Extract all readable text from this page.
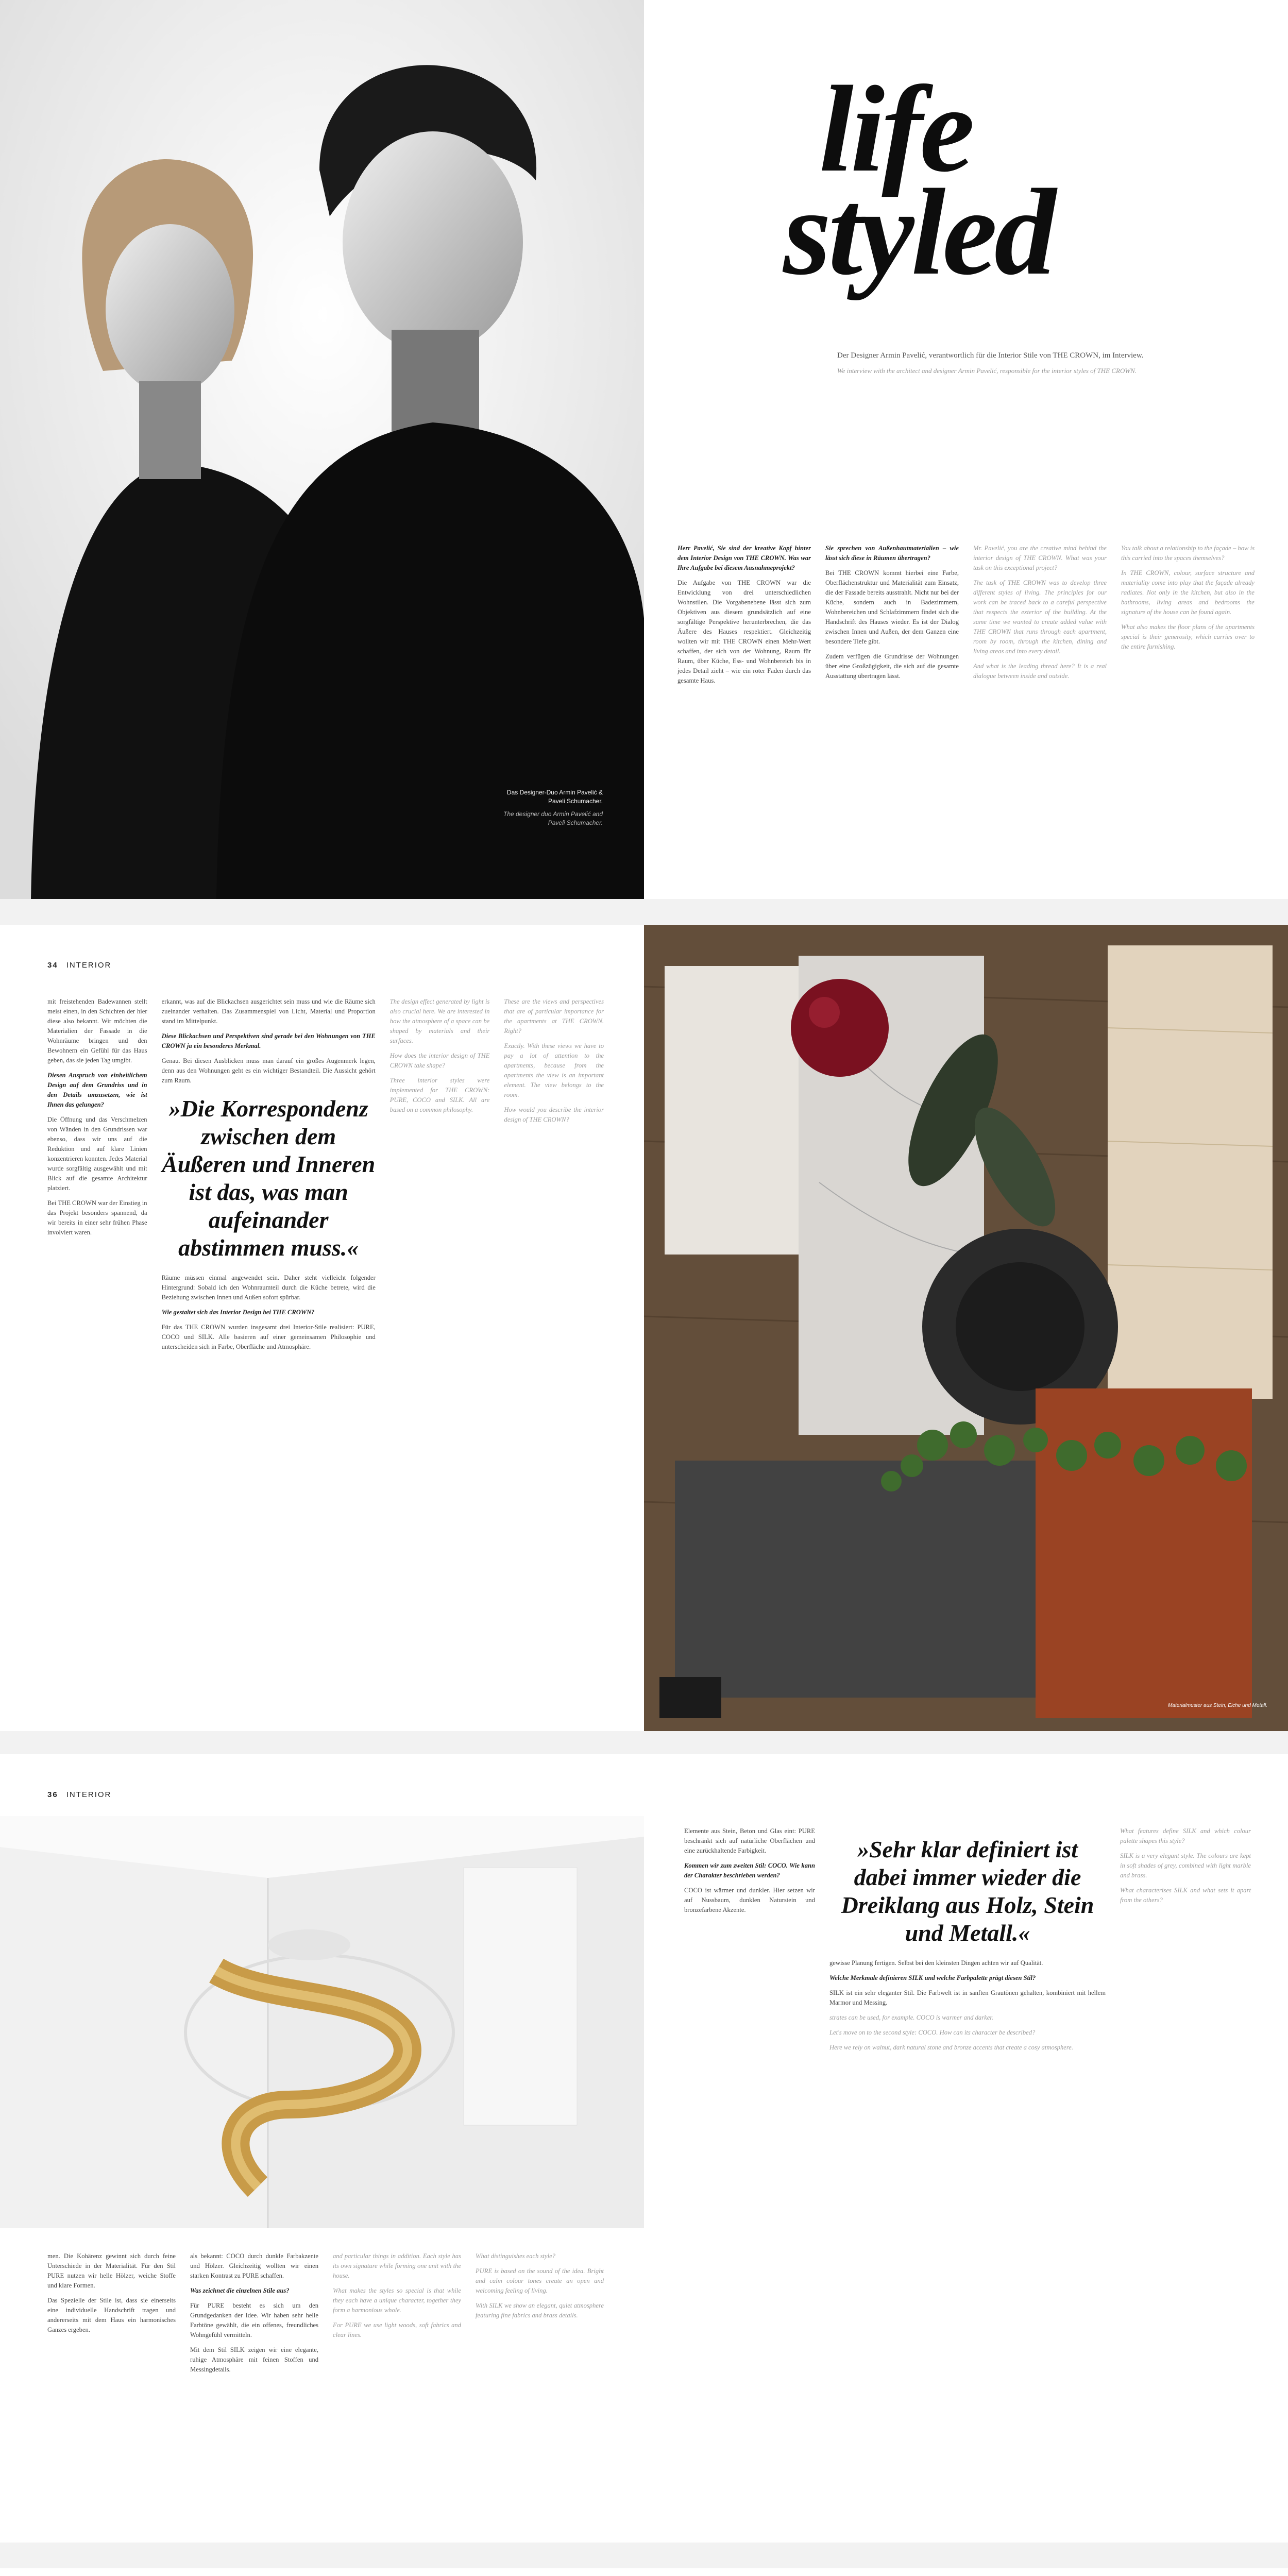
Das Designer-Duo Armin Pavelić & Paveli Schumacher.
The designer duo Armin Pavelić and Paveli Schumacher.
life
styled
Der Designer Armin Pavelić, verantwortlich für die Interior Stile von THE CROWN, im Interview.
We interview with the architect and designer Armin Pavelić, responsible for the interior styles of THE CROWN.

Herr Pavelić, Sie sind der kreative Kopf hinter dem Interior Design von THE CROWN. Was war Ihre Aufgabe bei diesem Ausnahmeprojekt?

Die Aufgabe von THE CROWN war die Entwicklung von drei unterschiedlichen Wohnstilen. Die Vorgabenebene lässt sich zum Objektiven aus diesem grundsätzlich auf eine sorgfältige Perspektive herunterbrechen, die das Äußere des Hauses respektiert. Gleichzeitig wollten wir mit THE CROWN einen Mehr-Wert schaffen, der sich von der Wohnung, Raum für Raum, über Küche, Ess- und Wohnbereich bis in jedes Detail zieht – wie ein roter Faden durch das gesamte Haus.

Sie sprechen von Außenhautmaterialien – wie lässt sich diese in Räumen übertragen?

Bei THE CROWN kommt hierbei eine Farbe, Oberflächenstruktur und Materialität zum Einsatz, die der Fassade bereits ausstrahlt. Nicht nur bei der Küche, sondern auch in Badezimmern, Wohnbereichen und Schlafzimmern findet sich die Handschrift des Hauses wieder. Es ist der Dialog zwischen Innen und Außen, der dem Ganzen eine besondere Tiefe gibt.

Zudem verfügen die Grundrisse der Wohnungen über eine Großzügigkeit, die sich auf die gesamte Ausstattung übertragen lässt.

Mr. Pavelić, you are the creative mind behind the interior design of THE CROWN. What was your task on this exceptional project?

The task of THE CROWN was to develop three different styles of living. The principles for our work can be traced back to a careful perspective that respects the exterior of the building. At the same time we wanted to create added value with THE CROWN that runs through each apartment, room by room, through the kitchen, dining and living areas and into every detail.

And what is the leading thread here? It is a real dialogue between inside and outside.

You talk about a relationship to the façade – how is this carried into the spaces themselves?

In THE CROWN, colour, surface structure and materiality come into play that the façade already radiates. Not only in the kitchen, but also in the bathrooms, living areas and bedrooms the signature of the house can be found again.

What also makes the floor plans of the apartments special is their generosity, which carries over to the entire furnishing.

34 INTERIOR

mit freistehenden Badewannen stellt meist einen, in den Schichten der hier diese also bekannt. Wir möchten die Materialien der Fassade in die Wohnräume bringen und den Bewohnern ein Gefühl für das Haus geben, das sie jeden Tag umgibt.

Diesen Anspruch von einheitlichem Design auf dem Grundriss und in den Details umzusetzen, wie ist Ihnen das gelungen?

Die Öffnung und das Verschmelzen von Wänden in den Grundrissen war ebenso, dass wir uns auf die Reduktion und auf klare Linien konzentrieren konnten. Jedes Material wurde sorgfältig ausgewählt und mit Blick auf die gesamte Architektur platziert.

Bei THE CROWN war der Einstieg in das Projekt besonders spannend, da wir bereits in einer sehr frühen Phase involviert waren.

erkannt, was auf die Blickachsen ausgerichtet sein muss und wie die Räume sich zueinander verhalten. Das Zusammenspiel von Licht, Material und Proportion stand im Mittelpunkt.

Diese Blickachsen und Perspektiven sind gerade bei den Wohnungen von THE CROWN ja ein besonderes Merkmal.

Genau. Bei diesen Ausblicken muss man darauf ein großes Augenmerk legen, denn aus den Wohnungen geht es ein wichtiger Bestandteil. Die Aussicht gehört zum Raum.

»Die Korrespondenz zwischen dem Äußeren und Inneren ist das, was man aufeinander abstimmen muss.«

Räume müssen einmal angewendet sein. Daher steht vielleicht folgender Hintergrund: Sobald ich den Wohnraumteil durch die Küche betrete, wird die Beziehung zwischen Innen und Außen sofort spürbar.

Wie gestaltet sich das Interior Design bei THE CROWN?

Für das THE CROWN wurden insgesamt drei Interior-Stile realisiert: PURE, COCO und SILK. Alle basieren auf einer gemeinsamen Philosophie und unterscheiden sich in Farbe, Oberfläche und Atmosphäre.

The design effect generated by light is also crucial here. We are interested in how the atmosphere of a space can be shaped by materials and their surfaces.

How does the interior design of THE CROWN take shape?

Three interior styles were implemented for THE CROWN: PURE, COCO and SILK. All are based on a common philosophy.

These are the views and perspectives that are of particular importance for the apartments at THE CROWN. Right?

Exactly. With these views we have to pay a lot of attention to the apartments, because from the apartments the view is an important element. The view belongs to the room.

How would you describe the interior design of THE CROWN?

Materialmuster aus Stein, Eiche und Metall.
36 INTERIOR

men. Die Kohärenz gewinnt sich durch feine Unterschiede in der Materialität. Für den Stil PURE nutzen wir helle Hölzer, weiche Stoffe und klare Formen.

Das Spezielle der Stile ist, dass sie einerseits eine individuelle Handschrift tragen und andererseits mit dem Haus ein harmonisches Ganzes ergeben.

als bekannt: COCO durch dunkle Farbakzente und Hölzer. Gleichzeitig wollten wir einen starken Kontrast zu PURE schaffen.

Was zeichnet die einzelnen Stile aus?

Für PURE besteht es sich um den Grundgedanken der Idee. Wir haben sehr helle Farbtöne gewählt, die ein offenes, freundliches Wohngefühl vermitteln.

Mit dem Stil SILK zeigen wir eine elegante, ruhige Atmosphäre mit feinen Stoffen und Messingdetails.

and particular things in addition. Each style has its own signature while forming one unit with the house.

What makes the styles so special is that while they each have a unique character, together they form a harmonious whole.

For PURE we use light woods, soft fabrics and clear lines.

What distinguishes each style?

PURE is based on the sound of the idea. Bright and calm colour tones create an open and welcoming feeling of living.

With SILK we show an elegant, quiet atmosphere featuring fine fabrics and brass details.

Elemente aus Stein, Beton und Glas eint: PURE beschränkt sich auf natürliche Oberflächen und eine zurückhaltende Farbigkeit.

Kommen wir zum zweiten Stil: COCO. Wie kann der Charakter beschrieben werden?

COCO ist wärmer und dunkler. Hier setzen wir auf Nussbaum, dunklen Naturstein und bronzefarbene Akzente.

»Sehr klar definiert ist dabei immer wieder die Dreiklang aus Holz, Stein und Metall.«

gewisse Planung fertigen. Selbst bei den kleinsten Dingen achten wir auf Qualität.

Welche Merkmale definieren SILK und welche Farbpalette prägt diesen Stil?

SILK ist ein sehr eleganter Stil. Die Farbwelt ist in sanften Grautönen gehalten, kombiniert mit hellem Marmor und Messing.

strates can be used, for example. COCO is warmer and darker.

Let's move on to the second style: COCO. How can its character be described?

Here we rely on walnut, dark natural stone and bronze accents that create a cosy atmosphere.

What features define SILK and which colour palette shapes this style?

SILK is a very elegant style. The colours are kept in soft shades of grey, combined with light marble and brass.

What characterises SILK and what sets it apart from the others?
